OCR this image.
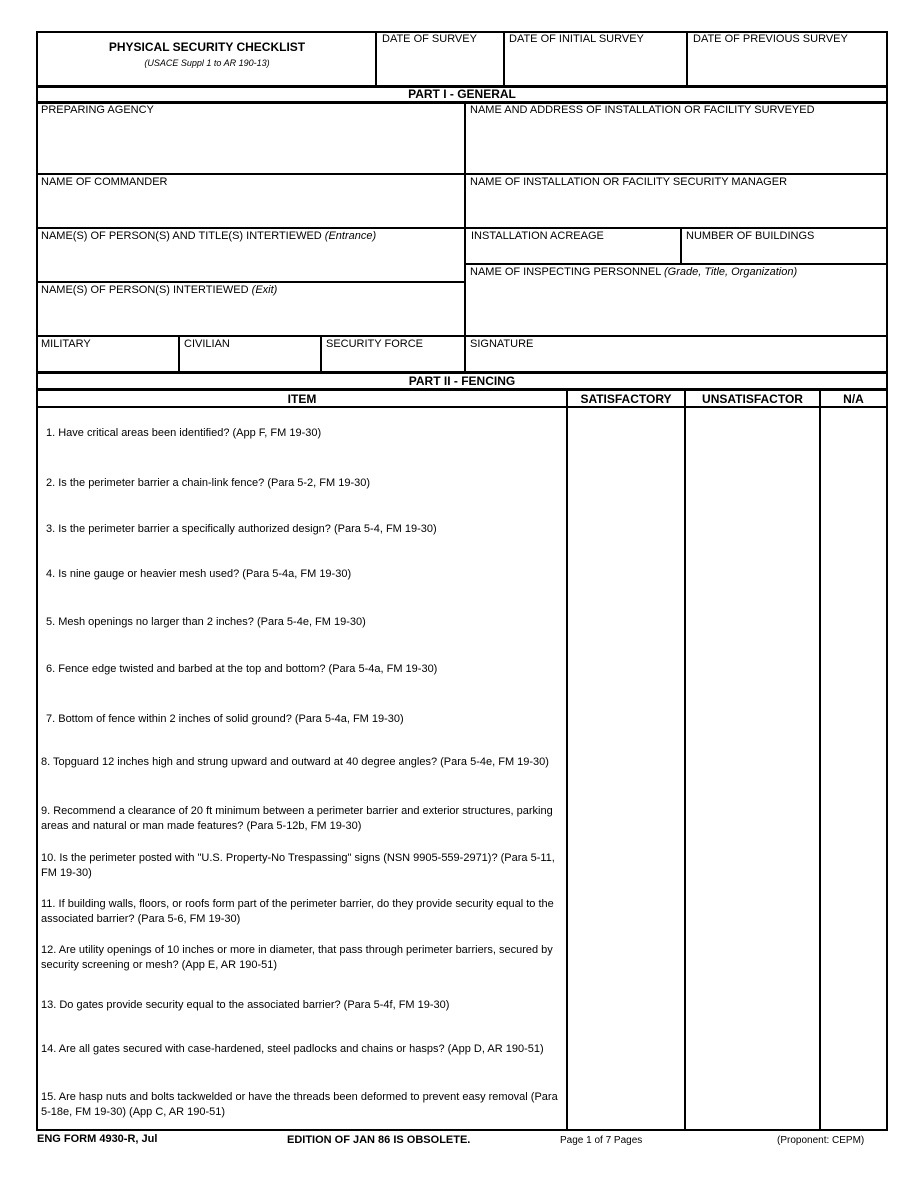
PHYSICAL SECURITY CHECKLIST
(USACE Suppl 1 to AR 190-13)
DATE OF SURVEY	DATE OF INITIAL SURVEY	DATE OF PREVIOUS SURVEY
PART I - GENERAL
PREPARING AGENCY	NAME AND ADDRESS OF INSTALLATION OR FACILITY SURVEYED
NAME OF COMMANDER	NAME OF INSTALLATION OR FACILITY SECURITY MANAGER
NAME(S) OF PERSON(S) AND TITLE(S) INTERTIEWED (Entrance)	INSTALLATION ACREAGE	NUMBER OF BUILDINGS
NAME OF INSPECTING PERSONNEL (Grade, Title, Organization)
NAME(S) OF PERSON(S) INTERTIEWED (Exit)
MILITARY	CIVILIAN	SECURITY FORCE	SIGNATURE
PART II - FENCING
ITEM	SATISFACTORY	UNSATISFACTOR	N/A
1. Have critical areas been identified? (App F, FM 19-30)
2. Is the perimeter barrier a chain-link fence? (Para 5-2, FM 19-30)
3. Is the perimeter barrier a specifically authorized design? (Para 5-4, FM 19-30)
4. Is nine gauge or heavier mesh used? (Para 5-4a, FM 19-30)
5. Mesh openings no larger than 2 inches? (Para 5-4e, FM 19-30)
6. Fence edge twisted and barbed at the top and bottom? (Para 5-4a, FM 19-30)
7. Bottom of fence within 2 inches of solid ground? (Para 5-4a, FM 19-30)
8. Topguard 12 inches high and strung upward and outward at 40 degree angles? (Para 5-4e, FM 19-30)
9. Recommend a clearance of 20 ft minimum between a perimeter barrier and exterior structures, parking areas and natural or man made features? (Para 5-12b, FM 19-30)
10. Is the perimeter posted with "U.S. Property-No Trespassing" signs (NSN 9905-559-2971)? (Para 5-11, FM 19-30)
11. If building walls, floors, or roofs form part of the perimeter barrier, do they provide security equal to the associated barrier? (Para 5-6, FM 19-30)
12. Are utility openings of 10 inches or more in diameter, that pass through perimeter barriers, secured by security screening or mesh? (App E, AR 190-51)
13. Do gates provide security equal to the associated barrier? (Para 5-4f, FM 19-30)
14. Are all gates secured with case-hardened, steel padlocks and chains or hasps? (App D, AR 190-51)
15. Are hasp nuts and bolts tackwelded or have the threads been deformed to prevent easy removal (Para 5-18e, FM 19-30) (App C, AR 190-51)
ENG FORM 4930-R, Jul	EDITION OF JAN 86 IS OBSOLETE.	Page 1 of 7 Pages	(Proponent: CEPM)
